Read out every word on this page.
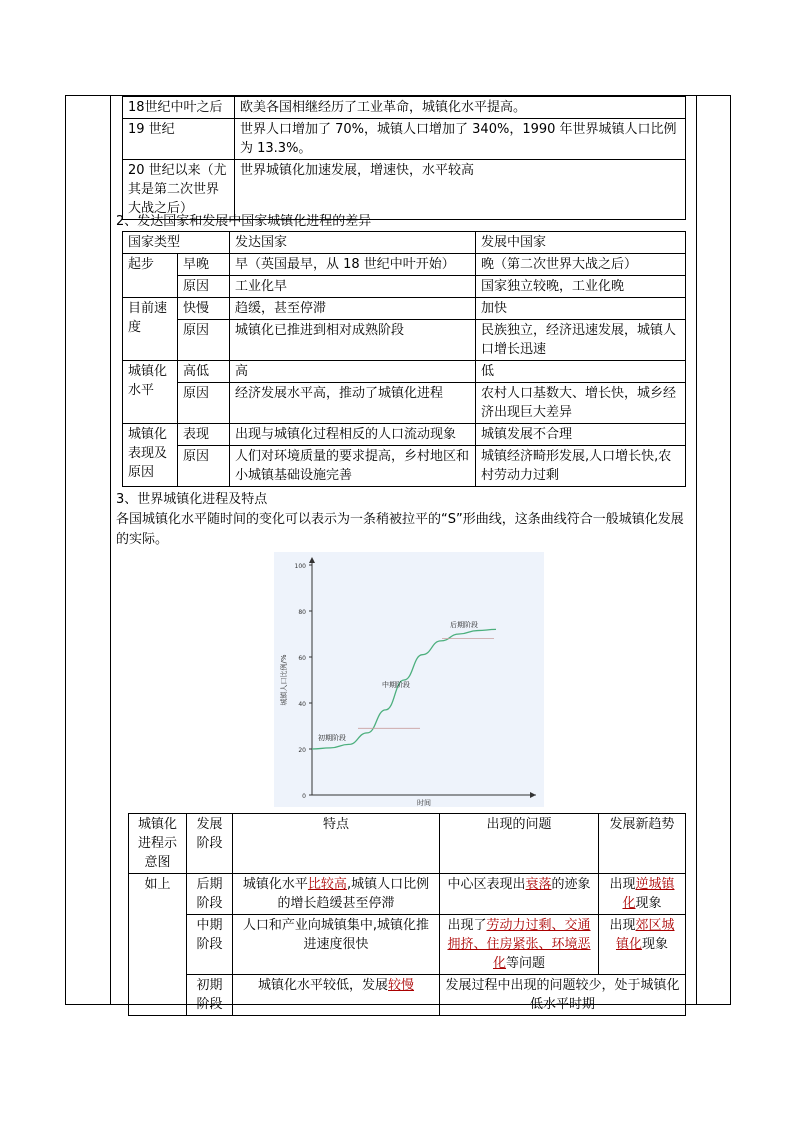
18世纪中叶之后	欧美各国相继经历了工业革命，城镇化水平提高。
19 世纪	世界人口增加了 70%，城镇人口增加了 340%，1990 年世界城镇人口比例为 13.3%。
20 世纪以来（尤其是第二次世界大战之后）	世界城镇化加速发展，增速快，水平较高
2、发达国家和发展中国家城镇化进程的差异
国家类型		发达国家	发展中国家
起步	早晚	早（英国最早，从 18 世纪中叶开始）	晚（第二次世界大战之后）
	原因	工业化早	国家独立较晚，工业化晚
目前速度	快慢	趋缓，甚至停滞	加快
	原因	城镇化已推进到相对成熟阶段	民族独立，经济迅速发展，城镇人口增长迅速
城镇化水平	高低	高	低
	原因	经济发展水平高，推动了城镇化进程	农村人口基数大、增长快，城乡经济出现巨大差异
城镇化表现及原因	表现	出现与城镇化过程相反的人口流动现象	城镇发展不合理
	原因	人们对环境质量的要求提高，乡村地区和小城镇基础设施完善	城镇经济畸形发展,人口增长快,农村劳动力过剩
3、世界城镇化进程及特点
各国城镇化水平随时间的变化可以表示为一条稍被拉平的“S”形曲线，这条曲线符合一般城镇化发展的实际。
0
20
40
60
80
100
城镇人口比例/%
时间
初期阶段
中期阶段
后期阶段
城镇化进程示意图	发展阶段	特点	出现的问题	发展新趋势
如上	后期阶段	城镇化水平比较高,城镇人口比例的增长趋缓甚至停滞	中心区表现出衰落的迹象	出现逆城镇化现象
	中期阶段	人口和产业向城镇集中,城镇化推进速度很快	出现了劳动力过剩、交通拥挤、住房紧张、环境恶化等问题	出现郊区城镇化现象
	初期阶段	城镇化水平较低，发展较慢	发展过程中出现的问题较少，处于城镇化低水平时期	
